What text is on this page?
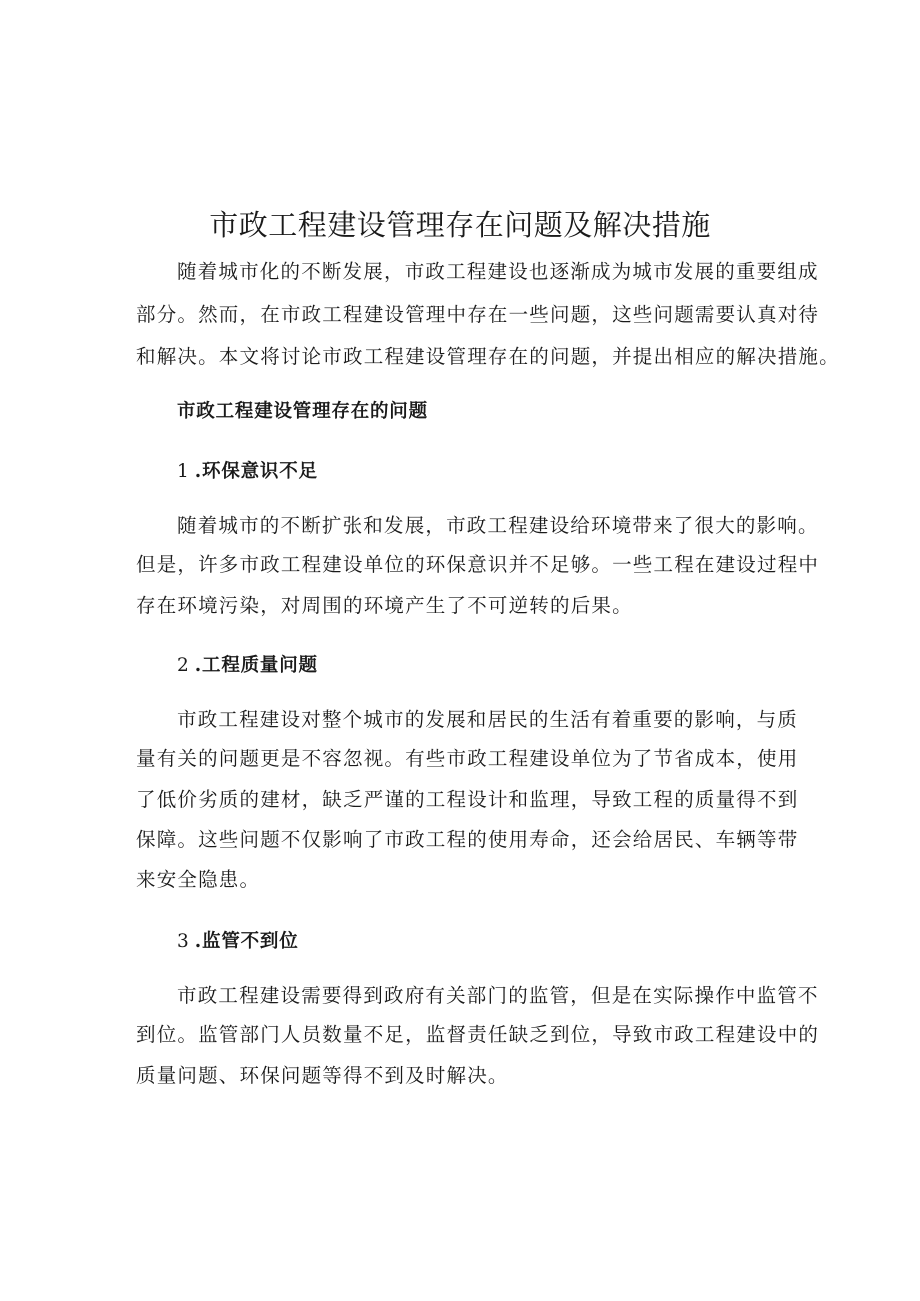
市政工程建设管理存在问题及解决措施

随着城市化的不断发展，市政工程建设也逐渐成为城市发展的重要组成

部分。然而，在市政工程建设管理中存在一些问题，这些问题需要认真对待

和解决。本文将讨论市政工程建设管理存在的问题，并提出相应的解决措施。

市政工程建设管理存在的问题

1.环保意识不足

随着城市的不断扩张和发展，市政工程建设给环境带来了很大的影响。

但是，许多市政工程建设单位的环保意识并不足够。一些工程在建设过程中

存在环境污染，对周围的环境产生了不可逆转的后果。

2.工程质量问题

市政工程建设对整个城市的发展和居民的生活有着重要的影响，与质

量有关的问题更是不容忽视。有些市政工程建设单位为了节省成本，使用

了低价劣质的建材，缺乏严谨的工程设计和监理，导致工程的质量得不到

保障。这些问题不仅影响了市政工程的使用寿命，还会给居民、车辆等带

来安全隐患。

3.监管不到位

市政工程建设需要得到政府有关部门的监管，但是在实际操作中监管不

到位。监管部门人员数量不足，监督责任缺乏到位，导致市政工程建设中的

质量问题、环保问题等得不到及时解决。
